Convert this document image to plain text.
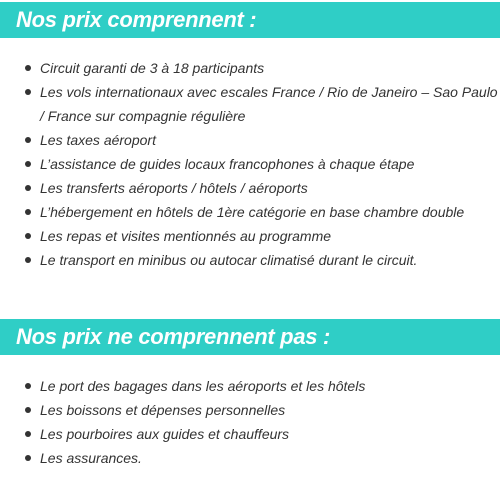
Nos prix comprennent :
Circuit garanti de 3 à 18 participants
Les vols internationaux avec escales France / Rio de Janeiro – Sao Paulo / France sur compagnie régulière
Les taxes aéroport
L’assistance de guides locaux francophones à chaque étape
Les transferts aéroports / hôtels / aéroports
L’hébergement en hôtels de 1ère catégorie en base chambre double
Les repas et visites mentionnés au programme
Le transport en minibus ou autocar climatisé durant le circuit.
Nos prix ne comprennent pas :
Le port des bagages dans les aéroports et les hôtels
Les boissons et dépenses personnelles
Les pourboires aux guides et chauffeurs
Les assurances.
